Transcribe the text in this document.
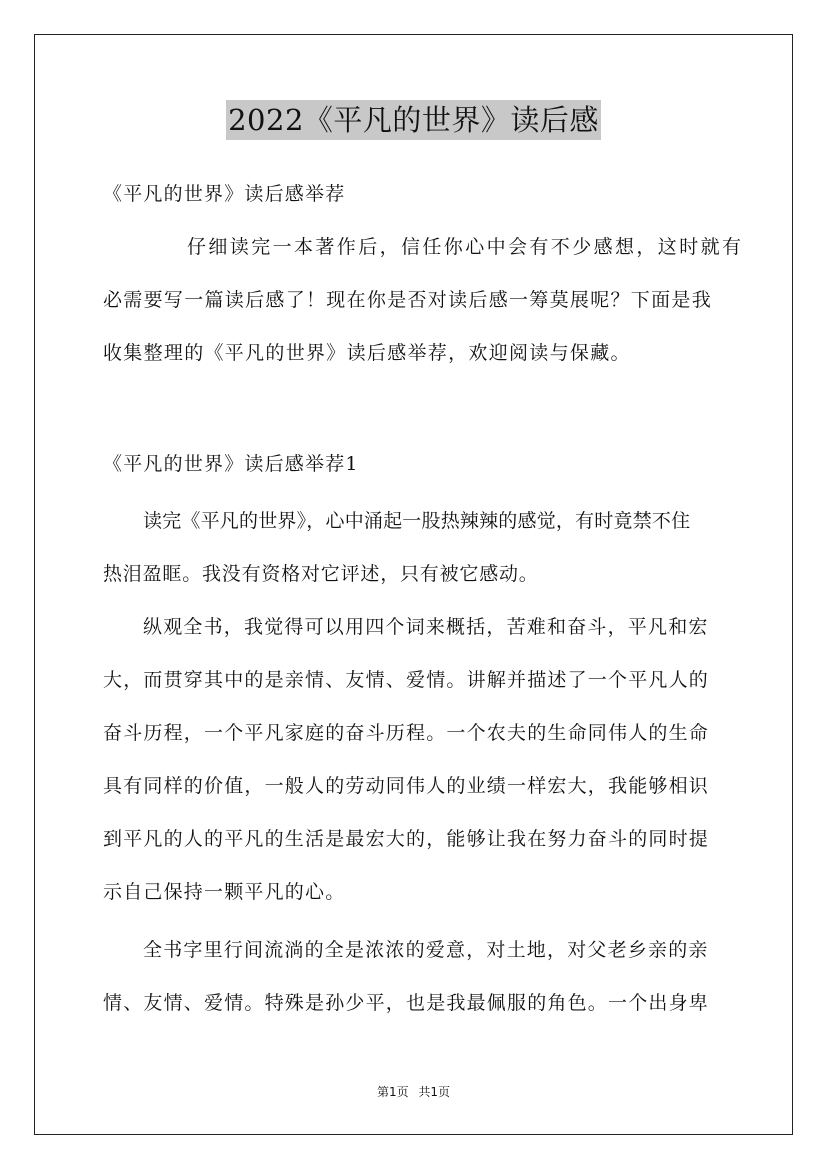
2022《平凡的世界》读后感
《平凡的世界》读后感举荐
仔细读完一本著作后，信任你心中会有不少感想，这时就有
必需要写一篇读后感了！现在你是否对读后感一筹莫展呢？下面是我
收集整理的《平凡的世界》读后感举荐，欢迎阅读与保藏。
《平凡的世界》读后感举荐1
读完《平凡的世界》，心中涌起一股热辣辣的感觉，有时竟禁不住
热泪盈眶。我没有资格对它评述，只有被它感动。
纵观全书，我觉得可以用四个词来概括，苦难和奋斗，平凡和宏
大，而贯穿其中的是亲情、友情、爱情。讲解并描述了一个平凡人的
奋斗历程，一个平凡家庭的奋斗历程。一个农夫的生命同伟人的生命
具有同样的价值，一般人的劳动同伟人的业绩一样宏大，我能够相识
到平凡的人的平凡的生活是最宏大的，能够让我在努力奋斗的同时提
示自己保持一颗平凡的心。
全书字里行间流淌的全是浓浓的爱意，对土地，对父老乡亲的亲
情、友情、爱情。特殊是孙少平，也是我最佩服的角色。一个出身卑
第1页 共1页
